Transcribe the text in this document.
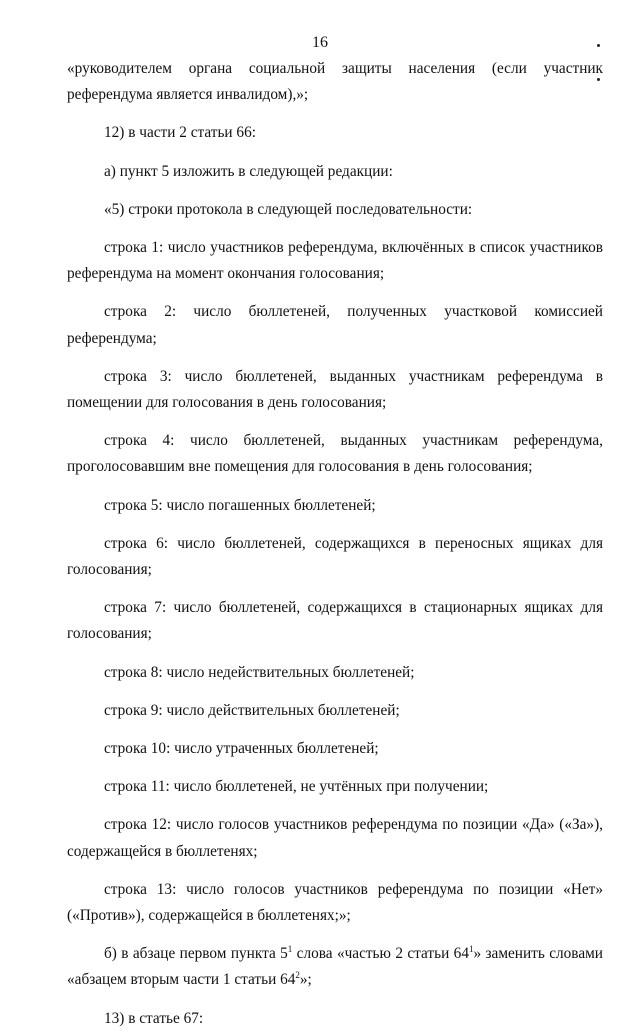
16

«руководителем органа социальной защиты населения (если участник референдума является инвалидом),»;

12) в части 2 статьи 66:

а) пункт 5 изложить в следующей редакции:

«5) строки протокола в следующей последовательности:

строка 1: число участников референдума, включённых в список участников референдума на момент окончания голосования;

строка 2: число бюллетеней, полученных участковой комиссией референдума;

строка 3: число бюллетеней, выданных участникам референдума в помещении для голосования в день голосования;

строка 4: число бюллетеней, выданных участникам референдума, проголосовавшим вне помещения для голосования в день голосования;

строка 5: число погашенных бюллетеней;

строка 6: число бюллетеней, содержащихся в переносных ящиках для голосования;

строка 7: число бюллетеней, содержащихся в стационарных ящиках для голосования;

строка 8: число недействительных бюллетеней;

строка 9: число действительных бюллетеней;

строка 10: число утраченных бюллетеней;

строка 11: число бюллетеней, не учтённых при получении;

строка 12: число голосов участников референдума по позиции «Да» («За»), содержащейся в бюллетенях;

строка 13: число голосов участников референдума по позиции «Нет» («Против»), содержащейся в бюллетенях;»;

б) в абзаце первом пункта $5^1$ слова «частью 2 статьи $64^1$» заменить словами «абзацем вторым части 1 статьи $64^2$»;

13) в статье 67:
